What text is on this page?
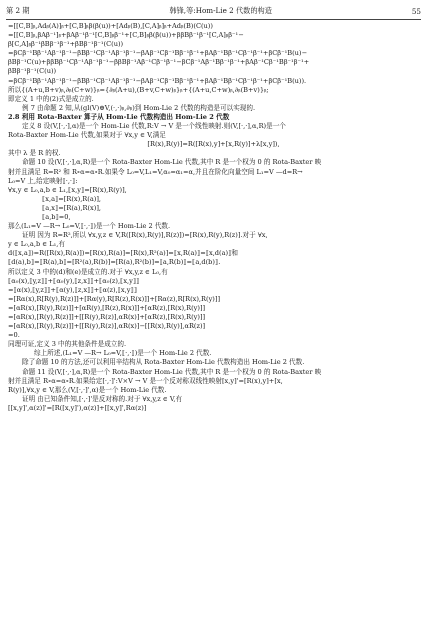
第 2 期	韩锋,等:Hom-Lie 2 代数的构造	55
=[[C,B]ᵦ,Adᵦ(A)]ᵦ+[C,B]ᵦβ(β(u))+[Adᵦ(B),[C,A]ᵦ]ᵦ+Adᵦ(B)(C(u))
=[[C,B]ᵦ,βAβ⁻¹]ᵦ+βAβ⁻¹β⁻¹[C,B]ᵦβ⁻¹+[C,B]ᵦβ(β(u))+ββBβ⁻¹β⁻¹[C,A]ᵦβ⁻¹−
β[C,A]ᵦβ⁻¹βBβ⁻¹β⁻¹+βBβ⁻¹β⁻¹(C(u))
=βCβ⁻¹Bβ⁻¹Aβ⁻¹β⁻¹−βBβ⁻¹Cβ⁻¹Aβ⁻¹β⁻¹−βAβ⁻¹Cβ⁻¹Bβ⁻¹β⁻¹+βAβ⁻¹Bβ⁻¹Cβ⁻¹β⁻¹+βCβ⁻¹B(u)−
βBβ⁻¹C(u)+ββBβ⁻¹Cβ⁻¹Aβ⁻¹β⁻¹−ββBβ⁻¹Aβ⁻¹Cβ⁻¹β⁻¹−βCβ⁻¹Aβ⁻¹Bβ⁻¹β⁻¹+βAβ⁻¹Cβ⁻¹Bβ⁻¹β⁻¹+
βBβ⁻¹β⁻¹(C(u))
=βCβ⁻¹Bβ⁻¹Aβ⁻¹β⁻¹−βBβ⁻¹Cβ⁻¹Aβ⁻¹β⁻¹−βAβ⁻¹Cβ⁻¹Bβ⁻¹β⁻¹+βAβ⁻¹Bβ⁻¹Cβ⁻¹β⁻¹+βCβ⁻¹B(u)).
所以{(A+u,B+v)ᵦ,∂ᵦ(C+w)}ᵦ={∂ᵦ(A+u),(B+v,C+w)ᵦ}ᵦ+{(A+u,C+w)ᵦ,∂ᵦ(B+v)}ᵦ;
即定义 1 中的(2)式是成立的.
例 7 由命题 2 知,从(gl(V)⊕V,(·,·)ᵦ,∂ᵦ)到 Hom-Lie 2 代数的构造是可以实现的.
2.8 利用 Rota-Baxter 算子从 Hom-Lie 代数构造出 Hom-Lie 2 代数
定义 8 设(V,[·,·],α)是一个 Hom-Lie 代数,R:V → V 是一个线性映射.则(V,[·,·],α,R)是一个
Rota-Baxter Hom-Lie 代数,如果对于 ∀x,y ∈ V,满足
[R(x),R(y)]=R([R(x),y]+[x,R(y)]+λ[x,y]),
其中 λ 是 R 的权.
命题 10 设(V,[·,·],α,R)是一个 Rota-Baxter Hom-Lie 代数,其中 R 是一个权为 0 的 Rota-Baxter 映
射并且满足 R=R² 和 R∘α=α∘R.如果令 L₀=V,L₁=V,α₀=α₁=α,并且在阶化向量空间 L₁=V —d=R→
L₀=V 上,给定映射⟦·,·⟧:
∀x,y ∈ L₀,a,b ∈ L₁,⟦x,y⟧=[R(x),R(y)],
⟦x,a⟧=[R(x),R(a)],
⟦a,x⟧=[R(a),R(x)],
⟦a,b⟧=0,
那么(L₁=V —R→ L₀=V,⟦·,·⟧)是一个 Hom-Lie 2 代数.
证明 因为 R=R²,所以 ∀x,y,z ∈ V,R([R(x),R(y)],R(z)])=[R(x),R(y),R(z)].对于 ∀x,
y ∈ L₀,a,b ∈ L₁,有
d(⟦x,a⟧)=R([R(x),R(a)])=[R(x),R(a)]=[R(x),R²(a)]=⟦x,R(a)⟧=⟦x,d(a)⟧和
⟦d(a),b⟧=⟦R(a),b⟧=[R²(a),R(b)]=[R(a),R²(b)]=⟦a,R(b)⟧=⟦a,d(b)⟧.
所以定义 3 中的(d)和(e)是成立的.对于 ∀x,y,z ∈ L₀,有
⟦α₀(x),⟦y,z⟧⟧+⟦α₀(y),⟦z,x⟧⟧+⟦α₀(z),⟦x,y⟧⟧
=⟦α(x),⟦y,z⟧⟧+⟦α(y),⟦z,x⟧⟧+⟦α(z),⟦x,y⟧⟧
=[Rα(x),R[R(y),R(z)]]+[Rα(y),R[R(z),R(x)]]+[Rα(z),R[R(x),R(y)]]
=[αR(x),[R(y),R(z)]]+[αR(y),[R(z),R(x)]]+[αR(z),[R(x),R(y)]]
=[αR(x),[R(y),R(z)]]+[[R(y),R(z)],αR(x)]+[αR(z),[R(x),R(y)]]
=[αR(x),[R(y),R(z)]]+[[R(y),R(z)],αR(x)]−[[R(x),R(y)],αR(z)]
=0.
同理可证,定义 3 中的其他条件是成立的.
综上所述,(L₁=V —R→ L₀=V,⟦·,·⟧)是一个 Hom-Lie 2 代数.
除了命题 10 的方法,还可以利用辛结构从 Rota-Baxter Hom-Lie 代数构造出 Hom-Lie 2 代数.
命题 11 设(V,[·,·],α,R)是一个 Rota-Baxter Hom-Lie 代数,其中 R 是一个权为 0 的 Rota-Baxter 映
射并且满足 R∘α=α∘R.如果给定[·,·]':V×V → V 是一个反对称双线性映射[x,y]'=[R(x),y]+[x,
R(y)],∀x,y ∈ V,那么(V,[·,·]',α)是一个 Hom-Lie 代数.
证明 由已知条件知,[·,·]'是反对称的.对于 ∀x,y,z ∈ V,有
[[x,y]',α(z)]'=[R([x,y]'),α(z)]+[[x,y]',Rα(z)]
